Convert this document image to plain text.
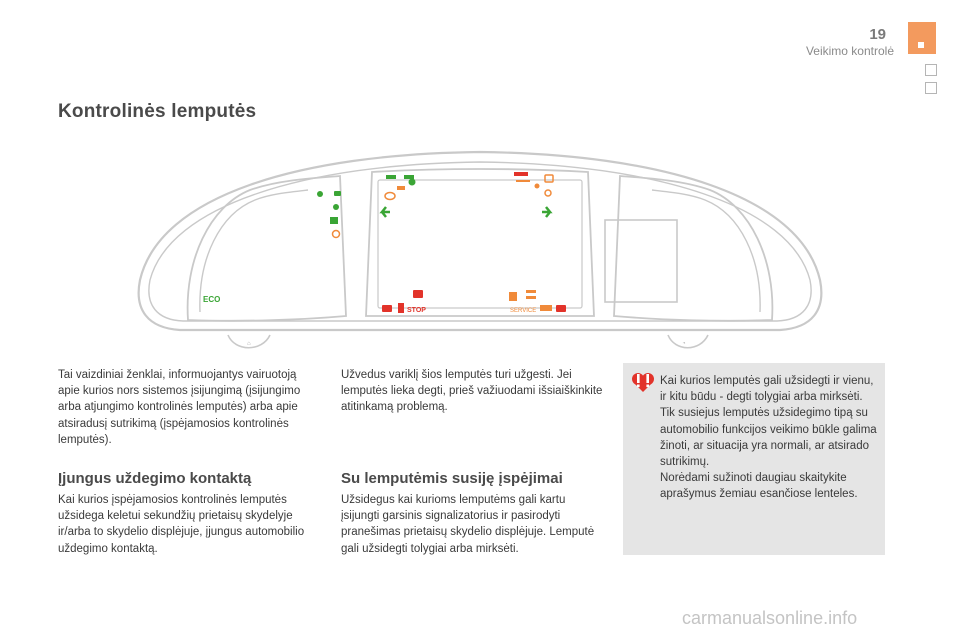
19
Veikimo kontrolė
Kontrolinės lemputės
⌂	◔
ECO
STOP	SERVICE

Tai vaizdiniai ženklai, informuojantys vairuotoją apie kurios nors sistemos įsijungimą (įsijungimo arba atjungimo kontrolinės lemputės) arba apie atsiradusį sutrikimą (įspėjamosios kontrolinės lemputės).

Įjungus uždegimo kontaktą

Kai kurios įspėjamosios kontrolinės lemputės užsidega keletui sekundžių prietaisų skydelyje ir/arba to skydelio displėjuje, įjungus automobilio uždegimo kontaktą.

Užvedus variklį šios lemputės turi užgesti. Jei lemputės lieka degti, prieš važiuodami išsiaiškinkite atitinkamą problemą.

Su lemputėmis susiję įspėjimai

Užsidegus kai kurioms lemputėms gali kartu įsijungti garsinis signalizatorius ir pasirodyti pranešimas prietaisų skydelio displėjuje. Lemputė gali užsidegti tolygiai arba mirksėti.

Kai kurios lemputės gali užsidegti ir vienu, ir kitu būdu - degti tolygiai arba mirksėti.

Tik susiejus lemputės užsidegimo tipą su automobilio funkcijos veikimo būkle galima žinoti, ar situacija yra normali, ar atsirado sutrikimų.

Norėdami sužinoti daugiau skaitykite aprašymus žemiau esančiose lenteles.

carmanualsonline.info
